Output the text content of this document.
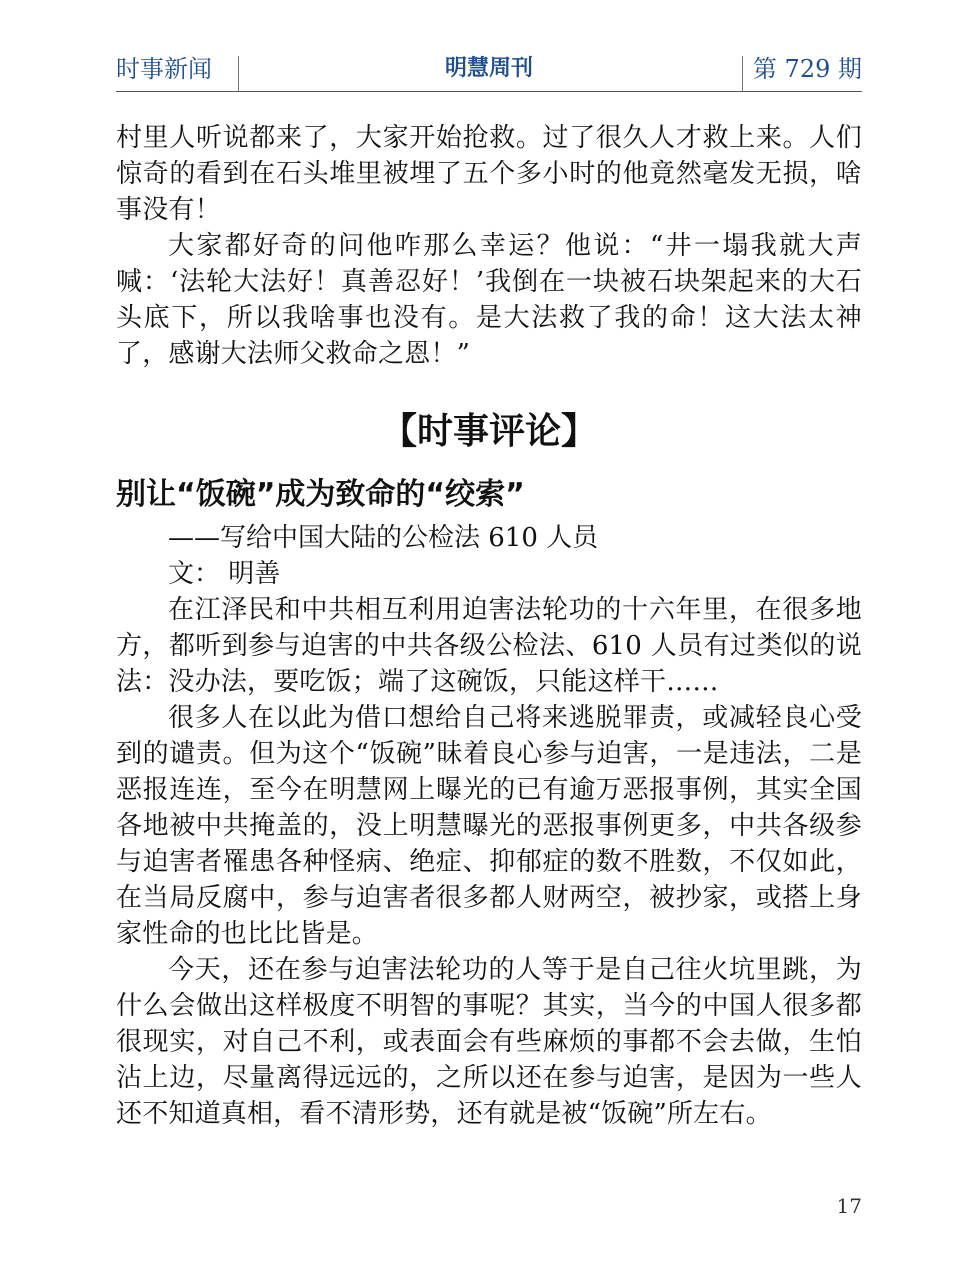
时事新闻	明慧周刊	第 729 期

村里人听说都来了，大家开始抢救。过了很久人才救上来。人们惊奇的看到在石头堆里被埋了五个多小时的他竟然毫发无损，啥事没有！

大家都好奇的问他咋那么幸运？他说：“井一塌我就大声喊：‘法轮大法好！真善忍好！’我倒在一块被石块架起来的大石头底下，所以我啥事也没有。是大法救了我的命！这大法太神了，感谢大法师父救命之恩！”

【时事评论】
别让“饭碗”成为致命的“绞索”

——写给中国大陆的公检法 610 人员

文： 明善

在江泽民和中共相互利用迫害法轮功的十六年里，在很多地方，都听到参与迫害的中共各级公检法、610 人员有过类似的说法：没办法，要吃饭；端了这碗饭，只能这样干……

很多人在以此为借口想给自己将来逃脱罪责，或减轻良心受到的谴责。但为这个“饭碗”昧着良心参与迫害，一是违法，二是恶报连连，至今在明慧网上曝光的已有逾万恶报事例，其实全国各地被中共掩盖的，没上明慧曝光的恶报事例更多，中共各级参与迫害者罹患各种怪病、绝症、抑郁症的数不胜数，不仅如此，在当局反腐中，参与迫害者很多都人财两空，被抄家，或搭上身家性命的也比比皆是。

今天，还在参与迫害法轮功的人等于是自己往火坑里跳，为什么会做出这样极度不明智的事呢？其实，当今的中国人很多都很现实，对自己不利，或表面会有些麻烦的事都不会去做，生怕沾上边，尽量离得远远的，之所以还在参与迫害，是因为一些人还不知道真相，看不清形势，还有就是被“饭碗”所左右。

17
